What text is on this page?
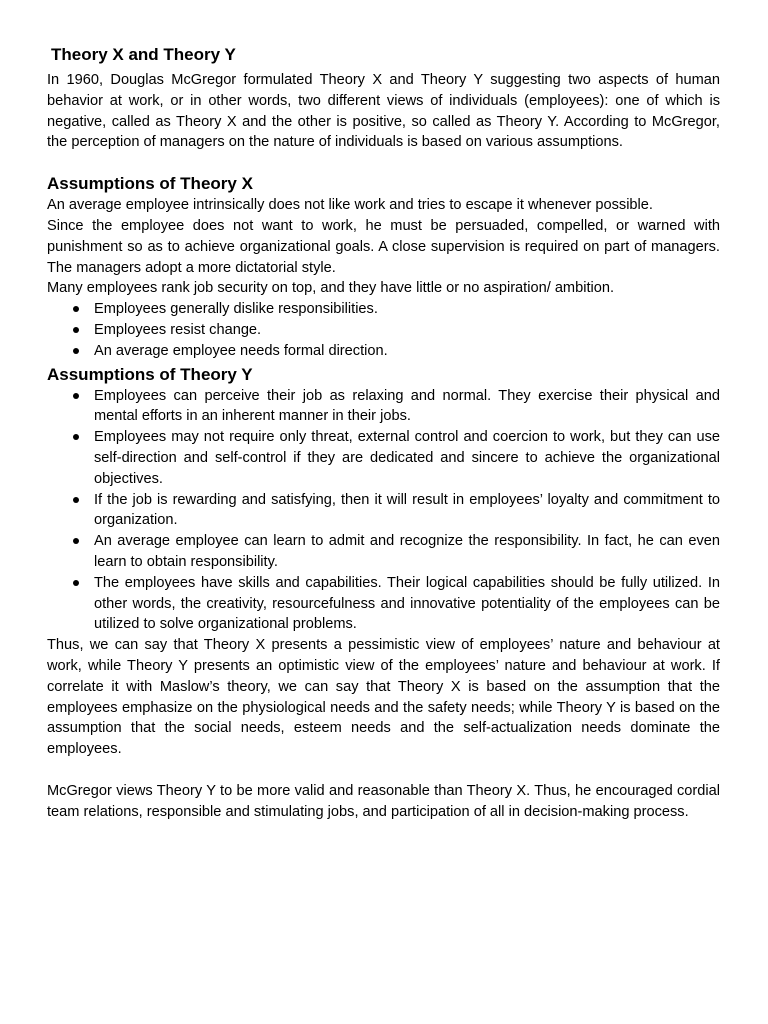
Theory X and Theory Y

In 1960, Douglas McGregor formulated Theory X and Theory Y suggesting two aspects of human behavior at work, or in other words, two different views of individuals (employees): one of which is negative, called as Theory X and the other is positive, so called as Theory Y. According to McGregor, the perception of managers on the nature of individuals is based on various assumptions.

Assumptions of Theory X

An average employee intrinsically does not like work and tries to escape it whenever possible.

Since the employee does not want to work, he must be persuaded, compelled, or warned with punishment so as to achieve organizational goals. A close supervision is required on part of managers. The managers adopt a more dictatorial style.

Many employees rank job security on top, and they have little or no aspiration/ ambition.

Employees generally dislike responsibilities.
Employees resist change.
An average employee needs formal direction.
Assumptions of Theory Y
Employees can perceive their job as relaxing and normal. They exercise their physical and mental efforts in an inherent manner in their jobs.
Employees may not require only threat, external control and coercion to work, but they can use self-direction and self-control if they are dedicated and sincere to achieve the organizational objectives.
If the job is rewarding and satisfying, then it will result in employees’ loyalty and commitment to organization.
An average employee can learn to admit and recognize the responsibility. In fact, he can even learn to obtain responsibility.
The employees have skills and capabilities. Their logical capabilities should be fully utilized. In other words, the creativity, resourcefulness and innovative potentiality of the employees can be utilized to solve organizational problems.

Thus, we can say that Theory X presents a pessimistic view of employees’ nature and behaviour at work, while Theory Y presents an optimistic view of the employees’ nature and behaviour at work. If correlate it with Maslow’s theory, we can say that Theory X is based on the assumption that the employees emphasize on the physiological needs and the safety needs; while Theory Y is based on the assumption that the social needs, esteem needs and the self-actualization needs dominate the employees.

McGregor views Theory Y to be more valid and reasonable than Theory X. Thus, he encouraged cordial team relations, responsible and stimulating jobs, and participation of all in decision-making process.
